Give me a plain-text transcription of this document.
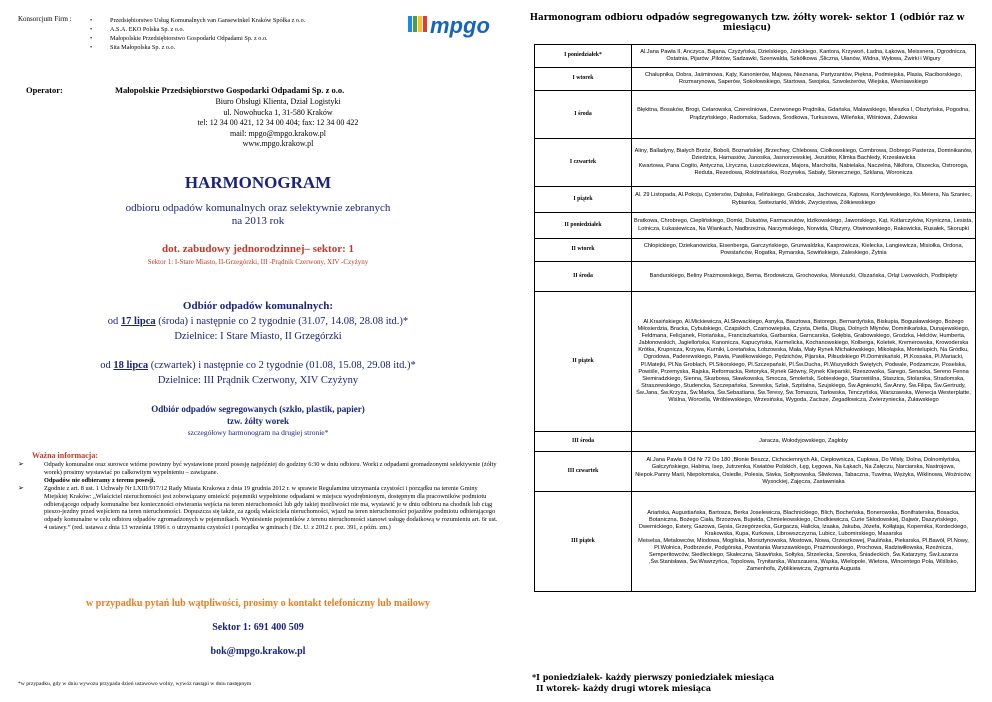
Konsorcjum Firm :	• Przedsiębiorstwo Usług Komunalnych van Gansewinkel Kraków Spółka z o.o.
• A.S.A. EKO Polska Sp. z o.o.
• Małopolskie Przedsiębiorstwo Gospodarki Odpadami Sp. z o.o.
• Sita Małopolska Sp. z o.o.
mpgo
Operator:	Małopolskie Przedsiębiorstwo Gospodarki Odpadami Sp. z o.o.
Biuro Obsługi Klienta, Dział Logistyki
ul. Nowohucka 1, 31-580 Kraków
tel: 12 34 00 421, 12 34 00 404; fax: 12 34 00 422
mail: mpgo@mpgo.krakow.pl
www.mpgo.krakow.pl
HARMONOGRAM
odbioru odpadów komunalnych oraz selektywnie zebranych
na 2013 rok
dot. zabudowy jednorodzinnej– sektor: 1
Sektor 1: I-Stare Miasto, II-Grzegórzki, III -Prądnik Czerwony, XIV -Czyżyny
Odbiór odpadów komunalnych:
od 17 lipca (środa) i następnie co 2 tygodnie (31.07, 14.08, 28.08 itd.)*
Dzielnice: I Stare Miasto, II Grzegórzki
od 18 lipca (czwartek) i następnie co 2 tygodnie (01.08, 15.08, 29.08 itd.)*
Dzielnice: III Prądnik Czerwony, XIV Czyżyny
Odbiór odpadów segregowanych (szkło, plastik, papier)
tzw. żółty worek
szczegółowy harmonogram na drugiej stronie*
Ważna informacja:
➢	Odpady komunalne oraz surowce wtórne powinny być wystawione przed posesję najpóźniej do godziny 6:30 w dniu odbioru. Worki z odpadami gromadzonymi selektywnie (żółty worek) prosimy wystawiać po całkowitym wypełnieniu – zawiązane.
Odpadów nie odbieramy z terenu posesji.
➢	Zgodnie z art. 8 ust. 1 Uchwały Nr LXIII/917/12 Rady Miasta Krakowa z dnia 19 grudnia 2012 r. w sprawie Regulaminu utrzymania czystości i porządku na terenie Gminy Miejskiej Kraków: „Właściciel nieruchomości jest zobowiązany umieścić pojemniki wypełnione odpadami w miejscu wyodrębnionym, dostępnym dla pracowników podmiotu odbierającego odpady komunalne bez konieczności otwierania wejścia na teren nieruchomości lub gdy takiej możliwości nie ma, wystawić je w dniu odbioru na chodnik lub ciąg pieszo-jezdny przed wejściem na teren nieruchomości. Dopuszcza się także, za zgodą właściciela nieruchomości, wjazd na teren nieruchomości pojazdów podmiotu odbierającego odpady komunalne w celu odbioru odpadów zgromadzonych w pojemnikach. Wyniesienie pojemników z terenu nieruchomości stanowi usługę dodatkową w rozumieniu art. 6r ust. 4 ustawy.” (red. ustawa z dnia 13 września 1996 r. o utrzymaniu czystości i porządku w gminach ( Dz. U. z 2012 r. poz. 391, z późn. zm.)
w przypadku pytań lub wątpliwości, prosimy o kontakt telefoniczny lub mailowy
Sektor 1: 691 400 509
bok@mpgo.krakow.pl
*w przypadku, gdy w dniu wywozu przypada dzień ustawowo wolny, wywóz nastąpi w dniu następnym
Harmonogram odbioru odpadów segregowanych tzw. żółty worek- sektor 1 (odbiór raz w miesiącu)
I poniedziałek*	Al.Jana Pawła II, Anczyca, Bajana, Czyżyńska, Dzielskiego, Janickiego, Kantora, Krzywoń, Ładna, Łąkowa, Meissnera, Ogrodnicza, Ostatnia, Pijarów ,Pilotów, Sadzawki, Szenwalda, Szkółkowa ,Śliczna, Ułanów, Widna, Wyłowa, Żwirki i Wigury
I wtorek	Chałupnika, Dobra, Jaśminowa, Kąty, Kanonierów, Majowa, Nieznana, Partyzantów, Piękna, Podmiejska, Płasia, Raciborskiego, Rozmarynowa, Saperów, Sokołowskiego, Startowa, Swojska, Szwoleżerów, Wiejska, Wieniawskiego
I środa	Błękitna, Bosaków, Brogi, Celarowska, Czereśniowa, Czerwonego Prądnika, Gdańska, Malawskiego, Mieszka I, Olsztyńska, Pogodna, Prądzyńskiego, Radomska, Sadowa, Środkowa, Turkusowa, Wileńska, Wiśniowa, Żułowska
I czwartek	Aliny, Balladyny, Białych Brzóz, Boboli, Boznańskiej ,Brzechwy, Chlebowa, Ciołkowskiego, Combrowa, Dobrego Pasterza, Dominikanów, Dziedzica, Harnasiów, Janosika, Jasnorzewskiej, Jezuitów, Klimka Bachledy, Krzesławicka
Kwartowa, Pana Cogito, Antyczna, Liryczna, Łuszczkiewicza, Majora, Marcholta, Nabielaka, Naczelna, Nikifora, Olszecka, Ostroroga, Reduta, Rezedowa, Rokitniańska, Rozyrwka, Sabały, Słonecznego, Szklana, Woronicza
I piątek	Al. 29 Listopada, Al.Pokoju, Cystersów, Dąbska, Felińskiego, Grabczaka, Jachowicza, Kątowa, Kordylewskiego, Ks.Meiera, Na Szaniec, Rybianka, Świtezianki, Widok, Zwycięstwa, Żółkiewskiego
II poniedziałek	Bratkowa, Chrobrego, Cieplińskiego, Domki, Dukatów, Farmaceutów, Idzikowskiego, Jaworskiego, Kąt, Kotlarczyków, Kryniczna, Lesista, Lotnicza, Łukasiewicza, Na Wiankach, Nadbrzeżna, Narzymskiego, Norwida, Olszyny, Otwinowskiego, Rakowicka, Rusałek, Skorupki
II wtorek	Chłopickiego, Dziekanowicka, Eisenberga, Garczyńskiego, Grunwaldzka, Kasprowicza, Kielecka, Langiewicza, Misiołka, Ordona, Powstańców, Rogatka, Rymarska, Sowińskiego, Zaleskiego, Żytnia
II środa	Bandurskiego, Beliny Prażmowskiego, Bema, Brodowicza, Grochowska, Moniuszki, Olszańska, Orląt Lwowskich, Podbipięty
II piątek	Al.Krasińskiego, Al.Mickiewicza, Al.Słowackiego, Asnyka, Basztowa, Batorego, Bernardyńska, Biskupia, Bogusławskiego, Bożego Miłosierdzia, Bracka, Cybulskiego, Czapskich, Czarnowiejska, Czysta, Dietla, Długa, Dolnych Młynów, Dominikańska, Dunajewskiego, Feldmana, Felicjanek, Floriańska,, Franciszkańska, Garbarska, Garncarska, Gołębia, Grabowskiego, Grodzka, Helclów, Humberta, Jabłonowskich, Jagiellońska, Kanonicza, Kapucyńska, Karmelicka, Kochanowskiego, Kolberga, Koletek, Kremerowska, Krowoderska Krótka, Krupnicza, Krzywa, Kurniki, Loretańska, Łobzowska, Mała, Mały Rynek Michałowskiego, Mikołajska, Montelupich, Na Gródku, Ogrodowa, Paderewskiego, Pawia, Pawlikowskiego, Pędzichów, Pijarska, Piłsudskiego Pl.Dominikański, Pl.Kossaka, Pl.Mariacki, Pl.Matejki, Pl.Na Groblach, Pl.Sikorskiego, Pl.Szczepański, Pl.Św.Ducha, Pl.Wszystkich Świętych, Podwale, Podzamcze, Poselska, Powiśle, Przemyska, Rajska, Reformacka, Retoryka, Rynek Główny, Rynek Kleparski, Rzeszowska, Sarego, Senacka, Sereno Fenna Siemiradzkiego, Sienna, Skarbowa, Sławkowska, Smocza, Smoleńsk, Sobieskiego, Starowiślna, Staszica, Stolarska, Stradomska, Straszewskiego, Studencka, Szczepańska, Szewska, Szlak, Szpitalna, Szujskiego, Św.Agnieszki, Św.Anny, Św.Filipa, Św.Gertrudy, Św.Jana, Św.Krzyża, Św.Marka, Św.Sebastiana, Św.Teresy, Św.Tomasza, Tarłowska, Tenczyńska, Warszawska, Wenecja Westerplatte, Wiślna, Worcella, Wróblewskiego, Wrzesińska, Wygoda, Zacisze, Zegadłowicza, Zwierzyniecka, Żuławskiego
III środa	Jaracza, Wołodyjowskiego, Zagłoby
III czwartek	Al.Jana Pawła II Od Nr 72 Do 180 ,Błonie Beszcz, Cichociemnych Ak, Ciepłownicza, Cupłowa, Do Wisły, Dolna, Dolnomłyńska, Gałczyńskiego, Habina, Isep, Jutrzenka, Kwiatów Polskich, Łęg, Łęgowa, Na Łąkach, Na Załęczu, Narciarska, Nastrojowa, Niepok.Panny Marii, Niepołomska, Osiedle, Polesia, Siwka, Sołtysowska, Śliwkowa, Tabaczna, Tuwima, Wężyka, Wiklinowa, Woźniców, Wysockiej, Zajęcza, Zastawniaka
III piątek	Ariańska, Augustiańska, Bartosza, Berka Joselewicza, Blachnickiego, Blich, Bocheńska, Bonerowska, Bonifraterska, Bosacka, Botaniczna, Bożego Ciała, Brzozowa, Bujwida, Chmieleowskiego, Chodkiewicza, Curie Skłodowskiej, Dajwór, Daszyńskiego, Dwernickiego, Estery, Gazowa, Gęsia, Grzegórzecka, Gurgacza, Halicka, Izaaka, Jakuba, Józefa, Kołłątaja, Kopernika, Kordeckiego, Krakowska, Kupa, Kurkowa, Librowszczyzna, Lubicz, Lubomirskiego, Masarska
Meiselsa, Metalowców, Miodowa, Mogilska, Morsztynowska, Mostowa, Nowa, Orzeszkowej, Paulińska, Piekarska, Pl.Bawół, Pl.Nowy, Pl.Wolnica, Podbrzezie, Podgórska, Powstania Warszawskiego, Prażmowskiego, Prochowa, Radziwiłłowska, Rzeźnicza, Semperitowców, Siedleckiego, Skałeczna, Skawińska, Sołtyka, Strzelecka, Szeroka, Śniadeckich, Św.Katarzyny, Św.Łazarza ,Św.Stanisława, Św.Wawrzyńca, Topolowa, Trynitarska, Warszauera, Wąska, Wielopole, Wietora, Wincentego Pola, Wiślisko, Zamenhofa, Zyblikiewicza, Zygmunta Augusta
*I poniedziałek- każdy pierwszy poniedziałek miesiąca
II wtorek- każdy drugi wtorek miesiąca
